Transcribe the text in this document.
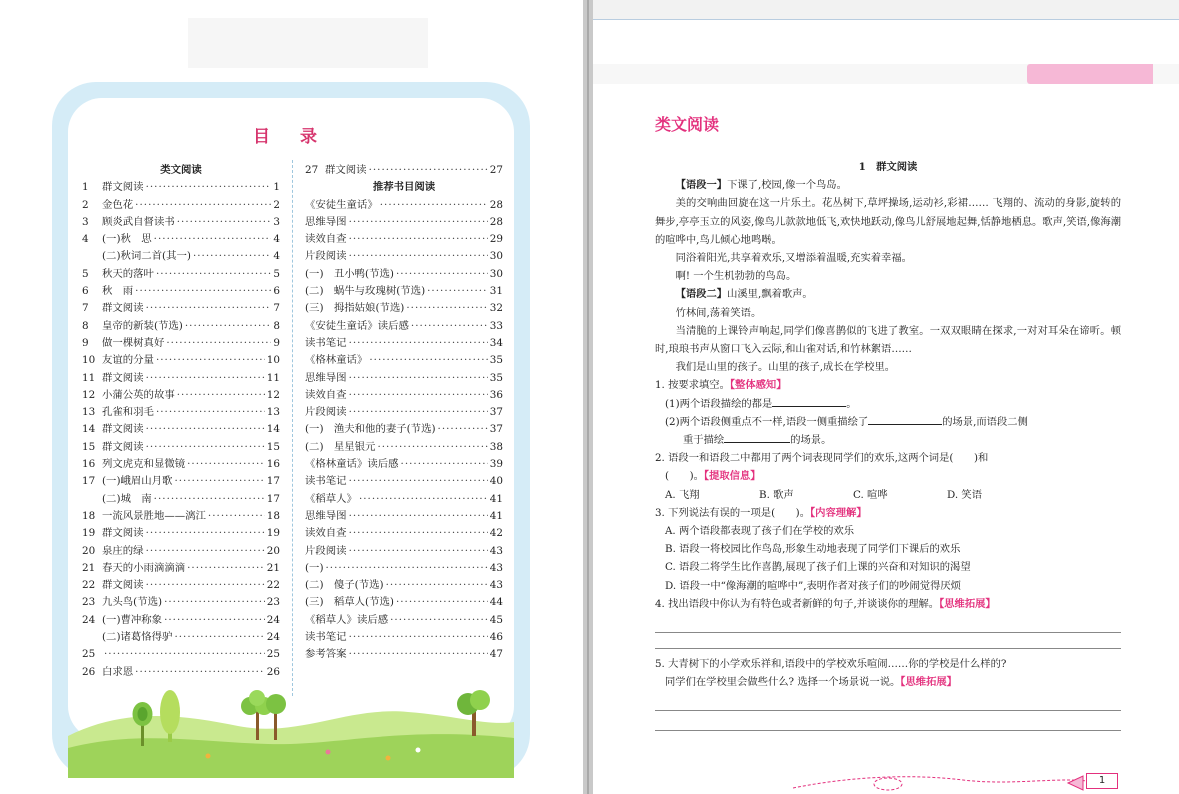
目 录
类文阅读
1	群文阅读 ·····	1
2	金色花 ·····	2
3	顾炎武自督读书 ·····	3
4	(一)秋　思 ·····	4
(二)秋词二首(其一) ·····	4
5	秋天的落叶 ·····	5
6	秋　雨 ·····	6
7	群文阅读 ·····	7
8	皇帝的新装(节选) ·····	8
9	做一棵树真好 ·····	9
10 友谊的分量 ·····	10
11 群文阅读 ·····	11
12 小蒲公英的故事 ·····	12
13 孔雀和羽毛 ·····	13
14 群文阅读 ·····	14
15 群文阅读 ·····	15
16 列文虎克和显微镜 ·····	16
17 (一)峨眉山月歌 ·····	17
(二)城　南 ·····	17
18 一流风景胜地——漓江 ·····	18
19 群文阅读 ·····	19
20 泉庄的绿 ·····	20
21 春天的小雨滴滴滴 ·····	21
22 群文阅读 ·····	22
23 九头鸟(节选) ·····	23
24 (一)曹冲称象 ·····	24
(二)诸葛恪得驴 ·····	24
25 ·····	25
26 白求恩 ·····	26
27 群文阅读 ·····	27
推荐书目阅读
《安徒生童话》 ·····	28
思维导图 ·····	28
读效自查 ·····	29
片段阅读 ·····	30
(一)　丑小鸭(节选) ·····	30
(二)　蜗牛与玫瑰树(节选) ·····	31
(三)　拇指姑娘(节选) ·····	32
《安徒生童话》读后感 ·····	33
读书笔记 ·····	34
《格林童话》 ·····	35
思维导图 ·····	35
读效自查 ·····	36
片段阅读 ·····	37
(一)　渔夫和他的妻子(节选) ·····	37
(二)　星星银元 ·····	38
《格林童话》读后感 ·····	39
读书笔记 ·····	40
《稻草人》 ·····	41
思维导图 ·····	41
读效自查 ·····	42
片段阅读 ·····	43
(一) ·····	43
(二)　傻子(节选) ·····	43
(三)　稻草人(节选) ·····	44
《稻草人》读后感 ·····	45
读书笔记 ·····	46
参考答案 ·····	47
类文阅读
1　群文阅读
【语段一】下课了,校园,像一个鸟岛。
美的交响曲回旋在这一片乐土。花丛树下,草坪操场,运动衫,彩裙…… 飞翔的、流动的身影,旋转的舞步,亭亭玉立的风姿,像鸟儿款款地低飞,欢快地跃动,像鸟儿舒展地起舞,恬静地栖息。歌声,笑语,像海潮的喧哗中,鸟儿倾心地鸣啭。
同浴着阳光,共享着欢乐,又增添着温暖,充实着幸福。
啊! 一个生机勃勃的鸟岛。
【语段二】山溪里,飘着歌声。
竹林间,荡着笑语。
当清脆的上课铃声响起,同学们像喜鹊似的飞进了教室。一双双眼睛在探求,一对对耳朵在谛听。顿时,琅琅书声从窗口飞入云际,和山雀对话,和竹林絮语……
我们是山里的孩子。山里的孩子,成长在学校里。
1. 按要求填空。【整体感知】
(1)两个语段描绘的都是	。
(2)两个语段侧重点不一样,语段一侧重描绘了	的场景,而语段二侧
重于描绘	的场景。
2. 语段一和语段二中都用了两个词表现同学们的欢乐,这两个词是(　　)和
(　　)。【提取信息】
A. 飞翔	B. 歌声	C. 喧哗	D. 笑语
3. 下列说法有误的一项是(　　)。【内容理解】
A. 两个语段都表现了孩子们在学校的欢乐
B. 语段一将校园比作鸟岛,形象生动地表现了同学们下课后的欢乐
C. 语段二将学生比作喜鹊,展现了孩子们上课的兴奋和对知识的渴望
D. 语段一中“像海潮的喧哗中”,表明作者对孩子们的吵闹觉得厌烦
4. 找出语段中你认为有特色或者新鲜的句子,并谈谈你的理解。【思维拓展】
5. 大青树下的小学欢乐祥和,语段中的学校欢乐喧闹……你的学校是什么样的?
同学们在学校里会做些什么? 选择一个场景说一说。【思维拓展】
1
